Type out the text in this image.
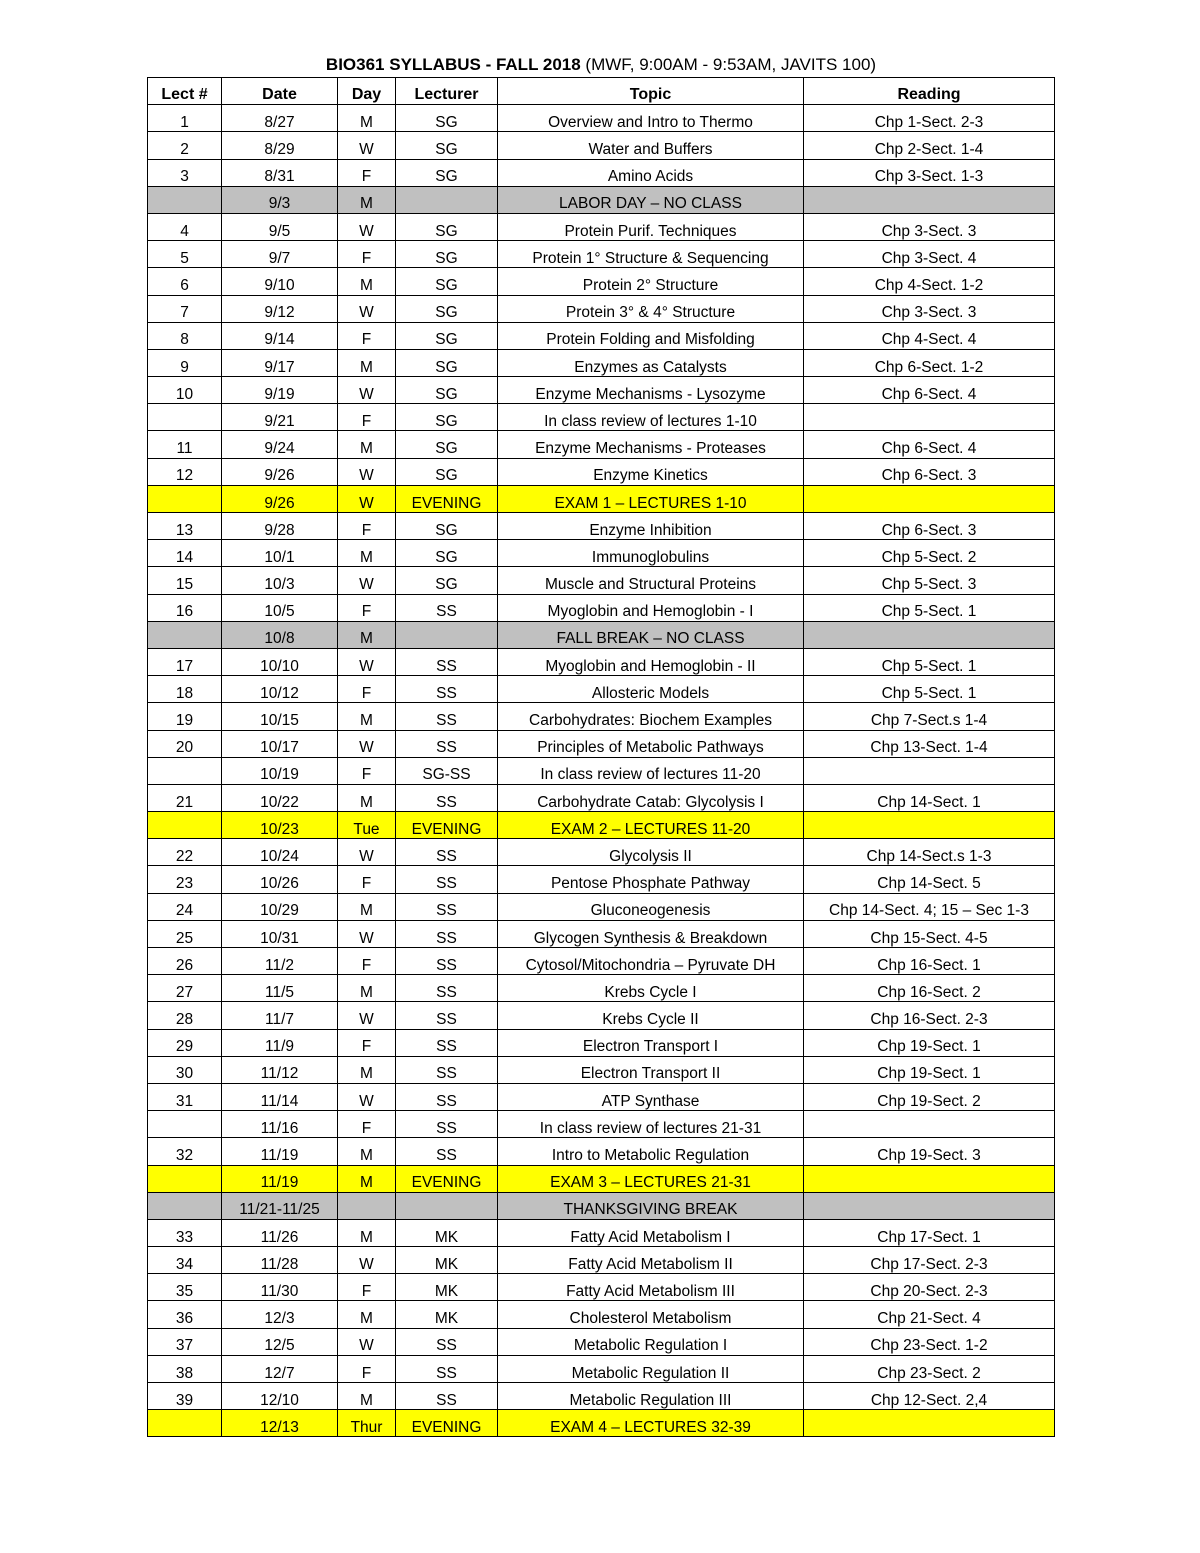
BIO361 SYLLABUS - FALL 2018 (MWF, 9:00AM - 9:53AM, JAVITS 100)
Lect #	Date	Day	Lecturer	Topic	Reading
1	8/27	M	SG	Overview and Intro to Thermo	Chp 1-Sect. 2-3
2	8/29	W	SG	Water and Buffers	Chp 2-Sect. 1-4
3	8/31	F	SG	Amino Acids	Chp 3-Sect. 1-3
	9/3	M		LABOR DAY – NO CLASS	
4	9/5	W	SG	Protein Purif. Techniques	Chp 3-Sect. 3
5	9/7	F	SG	Protein 1° Structure & Sequencing	Chp 3-Sect. 4
6	9/10	M	SG	Protein 2° Structure	Chp 4-Sect. 1-2
7	9/12	W	SG	Protein 3° & 4° Structure	Chp 3-Sect. 3
8	9/14	F	SG	Protein Folding and Misfolding	Chp 4-Sect. 4
9	9/17	M	SG	Enzymes as Catalysts	Chp 6-Sect. 1-2
10	9/19	W	SG	Enzyme Mechanisms - Lysozyme	Chp 6-Sect. 4
	9/21	F	SG	In class review of lectures 1-10	
11	9/24	M	SG	Enzyme Mechanisms - Proteases	Chp 6-Sect. 4
12	9/26	W	SG	Enzyme Kinetics	Chp 6-Sect. 3
	9/26	W	EVENING	EXAM 1 – LECTURES 1-10	
13	9/28	F	SG	Enzyme Inhibition	Chp 6-Sect. 3
14	10/1	M	SG	Immunoglobulins	Chp 5-Sect. 2
15	10/3	W	SG	Muscle and Structural Proteins	Chp 5-Sect. 3
16	10/5	F	SS	Myoglobin and Hemoglobin - I	Chp 5-Sect. 1
	10/8	M		FALL BREAK – NO CLASS	
17	10/10	W	SS	Myoglobin and Hemoglobin - II	Chp 5-Sect. 1
18	10/12	F	SS	Allosteric Models	Chp 5-Sect. 1
19	10/15	M	SS	Carbohydrates: Biochem Examples	Chp 7-Sect.s 1-4
20	10/17	W	SS	Principles of Metabolic Pathways	Chp 13-Sect. 1-4
	10/19	F	SG-SS	In class review of lectures 11-20	
21	10/22	M	SS	Carbohydrate Catab: Glycolysis I	Chp 14-Sect. 1
	10/23	Tue	EVENING	EXAM 2 – LECTURES 11-20	
22	10/24	W	SS	Glycolysis II	Chp 14-Sect.s 1-3
23	10/26	F	SS	Pentose Phosphate Pathway	Chp 14-Sect. 5
24	10/29	M	SS	Gluconeogenesis	Chp 14-Sect. 4; 15 – Sec 1-3
25	10/31	W	SS	Glycogen Synthesis & Breakdown	Chp 15-Sect. 4-5
26	11/2	F	SS	Cytosol/Mitochondria – Pyruvate DH	Chp 16-Sect. 1
27	11/5	M	SS	Krebs Cycle I	Chp 16-Sect. 2
28	11/7	W	SS	Krebs Cycle II	Chp 16-Sect. 2-3
29	11/9	F	SS	Electron Transport I	Chp 19-Sect. 1
30	11/12	M	SS	Electron Transport II	Chp 19-Sect. 1
31	11/14	W	SS	ATP Synthase	Chp 19-Sect. 2
	11/16	F	SS	In class review of lectures 21-31	
32	11/19	M	SS	Intro to Metabolic Regulation	Chp 19-Sect. 3
	11/19	M	EVENING	EXAM 3 – LECTURES 21-31	
	11/21-11/25			THANKSGIVING BREAK	
33	11/26	M	MK	Fatty Acid Metabolism I	Chp 17-Sect. 1
34	11/28	W	MK	Fatty Acid Metabolism II	Chp 17-Sect. 2-3
35	11/30	F	MK	Fatty Acid Metabolism III	Chp 20-Sect. 2-3
36	12/3	M	MK	Cholesterol Metabolism	Chp 21-Sect. 4
37	12/5	W	SS	Metabolic Regulation I	Chp 23-Sect. 1-2
38	12/7	F	SS	Metabolic Regulation II	Chp 23-Sect. 2
39	12/10	M	SS	Metabolic Regulation III	Chp 12-Sect. 2,4
	12/13	Thur	EVENING	EXAM 4 – LECTURES 32-39	
